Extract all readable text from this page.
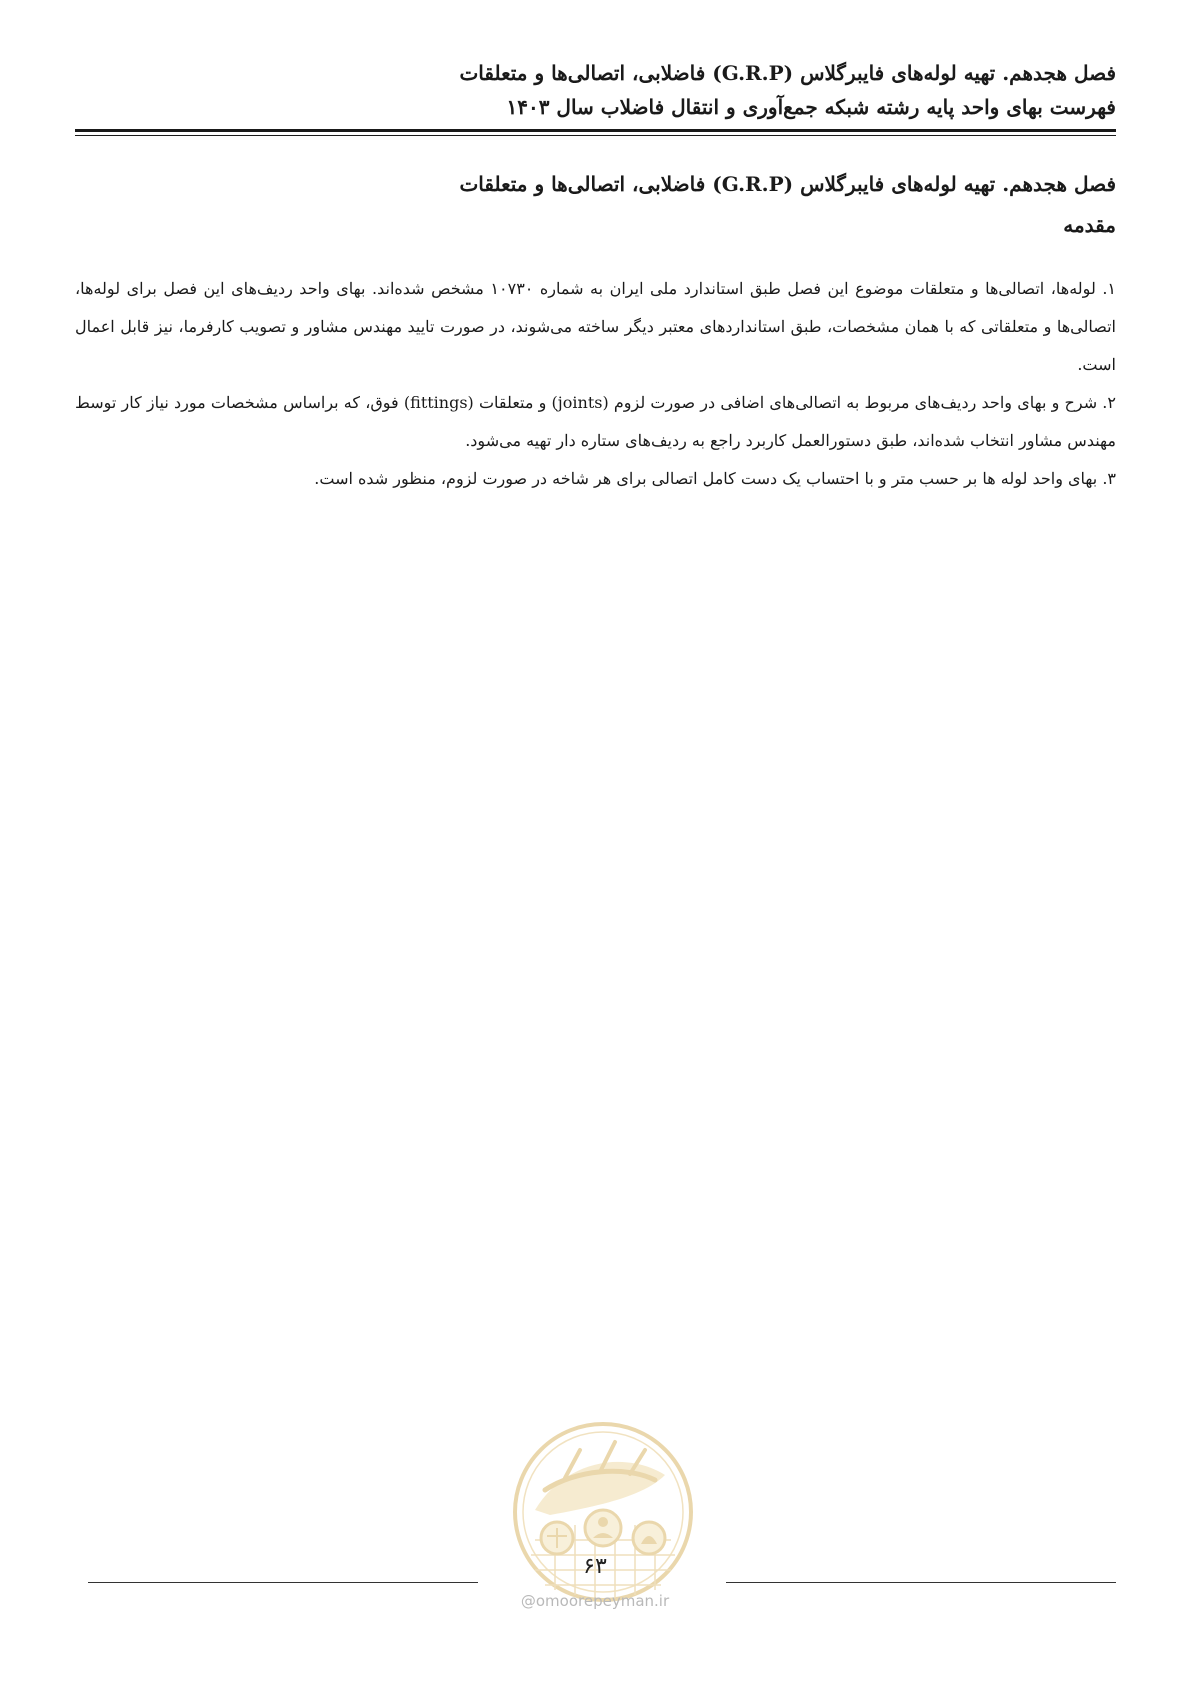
فصل هجدهم. تهیه لوله‌های فایبرگلاس (G.R.P) فاضلابی، اتصالی‌ها و متعلقات
فهرست بهای واحد پایه رشته شبکه جمع‌آوری و انتقال فاضلاب سال ۱۴۰۳
فصل هجدهم. تهیه لوله‌های فایبرگلاس (G.R.P) فاضلابی، اتصالی‌ها و متعلقات
مقدمه

۱. لوله‌ها، اتصالی‌ها و متعلقات موضوع این فصل طبق استاندارد ملی ایران به شماره ۱۰۷۳۰ مشخص شده‌اند. بهای واحد ردیف‌های این فصل برای لوله‌ها، اتصالی‌ها و متعلقاتی که با همان مشخصات، طبق استانداردهای معتبر دیگر ساخته می‌شوند، در صورت تایید مهندس مشاور و تصویب کارفرما، نیز قابل اعمال است.

۲. شرح و بهای واحد ردیف‌های مربوط به اتصالی‌های اضافی در صورت لزوم (joints) و متعلقات (fittings) فوق، که براساس مشخصات مورد نیاز کار توسط مهندس مشاور انتخاب شده‌اند، طبق دستورالعمل کاربرد راجع به ردیف‌های ستاره دار تهیه می‌شود.

۳. بهای واحد لوله ها بر حسب متر و با احتساب یک دست کامل اتصالی برای هر شاخه در صورت لزوم، منظور شده است.

۶۳
@omoorepeyman.ir
